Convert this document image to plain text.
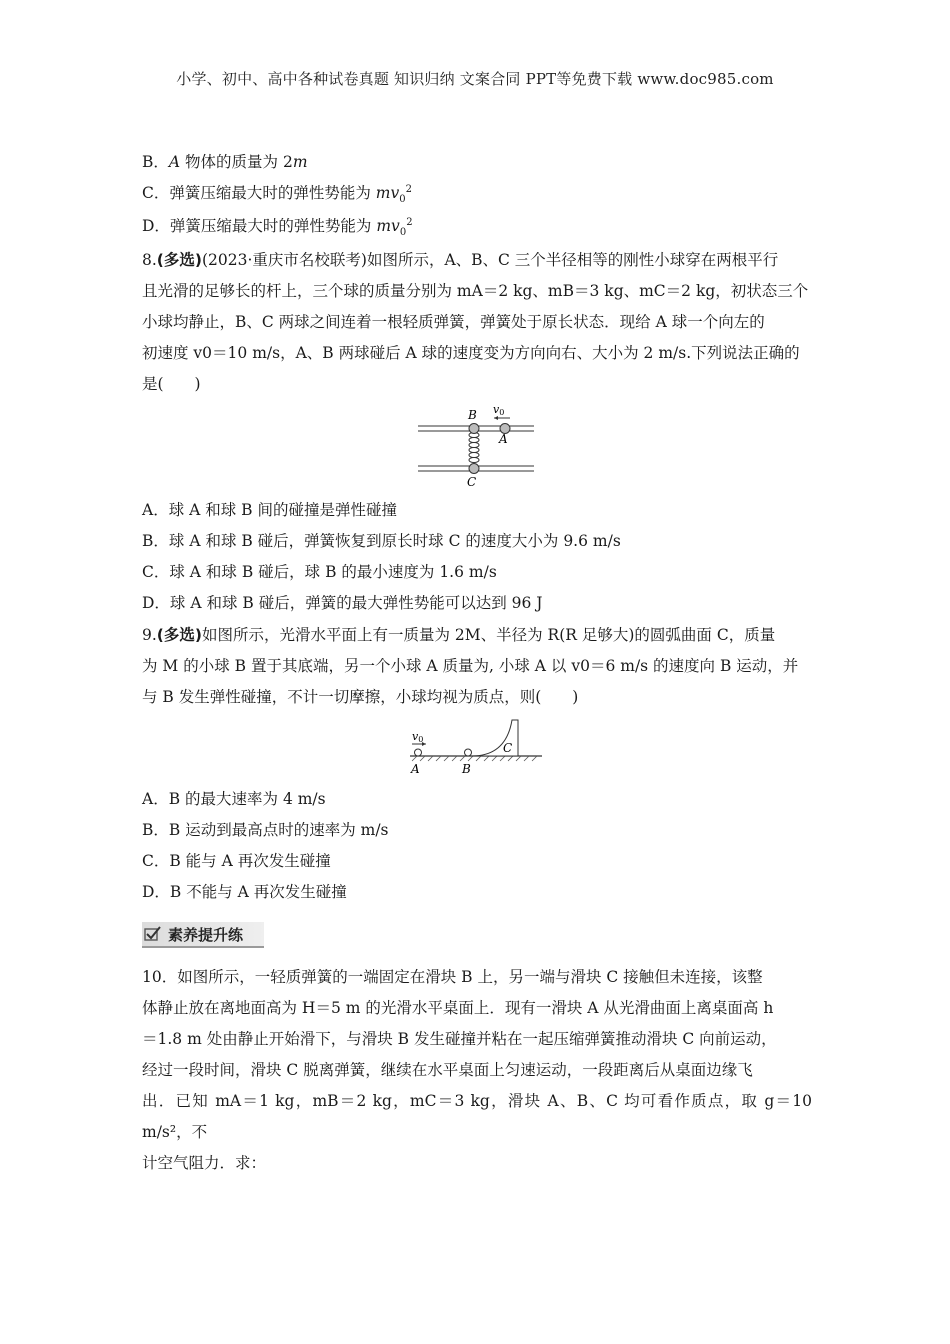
小学、初中、高中各种试卷真题 知识归纳 文案合同 PPT等免费下载 www.doc985.com
B．A 物体的质量为 2m
C．弹簧压缩最大时的弹性势能为 $mv_0^2$
D．弹簧压缩最大时的弹性势能为 $mv_0^2$
8.(多选)(2023·重庆市名校联考)如图所示，A、B、C 三个半径相等的刚性小球穿在两根平行
且光滑的足够长的杆上，三个球的质量分别为 mA＝2 kg、mB＝3 kg、mC＝2 kg，初状态三个
小球均静止，B、C 两球之间连着一根轻质弹簧，弹簧处于原长状态．现给 A 球一个向左的
初速度 v0＝10 m/s，A、B 两球碰后 A 球的速度变为方向向右、大小为 2 m/s.下列说法正确的
是(　　)
B
A
C
v0
A．球 A 和球 B 间的碰撞是弹性碰撞
B．球 A 和球 B 碰后，弹簧恢复到原长时球 C 的速度大小为 9.6 m/s
C．球 A 和球 B 碰后，球 B 的最小速度为 1.6 m/s
D．球 A 和球 B 碰后，弹簧的最大弹性势能可以达到 96 J
9.(多选)如图所示，光滑水平面上有一质量为 2M、半径为 R(R 足够大)的圆弧曲面 C，质量
为 M 的小球 B 置于其底端，另一个小球 A 质量为, 小球 A 以 v0＝6 m/s 的速度向 B 运动，并
与 B 发生弹性碰撞，不计一切摩擦，小球均视为质点，则(　　)
v0
A	B
C
A．B 的最大速率为 4 m/s
B．B 运动到最高点时的速率为 m/s
C．B 能与 A 再次发生碰撞
D．B 不能与 A 再次发生碰撞
素养提升练
10．如图所示，一轻质弹簧的一端固定在滑块 B 上，另一端与滑块 C 接触但未连接，该整
体静止放在离地面高为 H＝5 m 的光滑水平桌面上．现有一滑块 A 从光滑曲面上离桌面高 h
＝1.8 m 处由静止开始滑下，与滑块 B 发生碰撞并粘在一起压缩弹簧推动滑块 C 向前运动，
经过一段时间，滑块 C 脱离弹簧，继续在水平桌面上匀速运动，一段距离后从桌面边缘飞
出．已知 mA＝1 kg，mB＝2 kg，mC＝3 kg，滑块 A、B、C 均可看作质点，取 g＝10 m/s²，不
计空气阻力．求：
